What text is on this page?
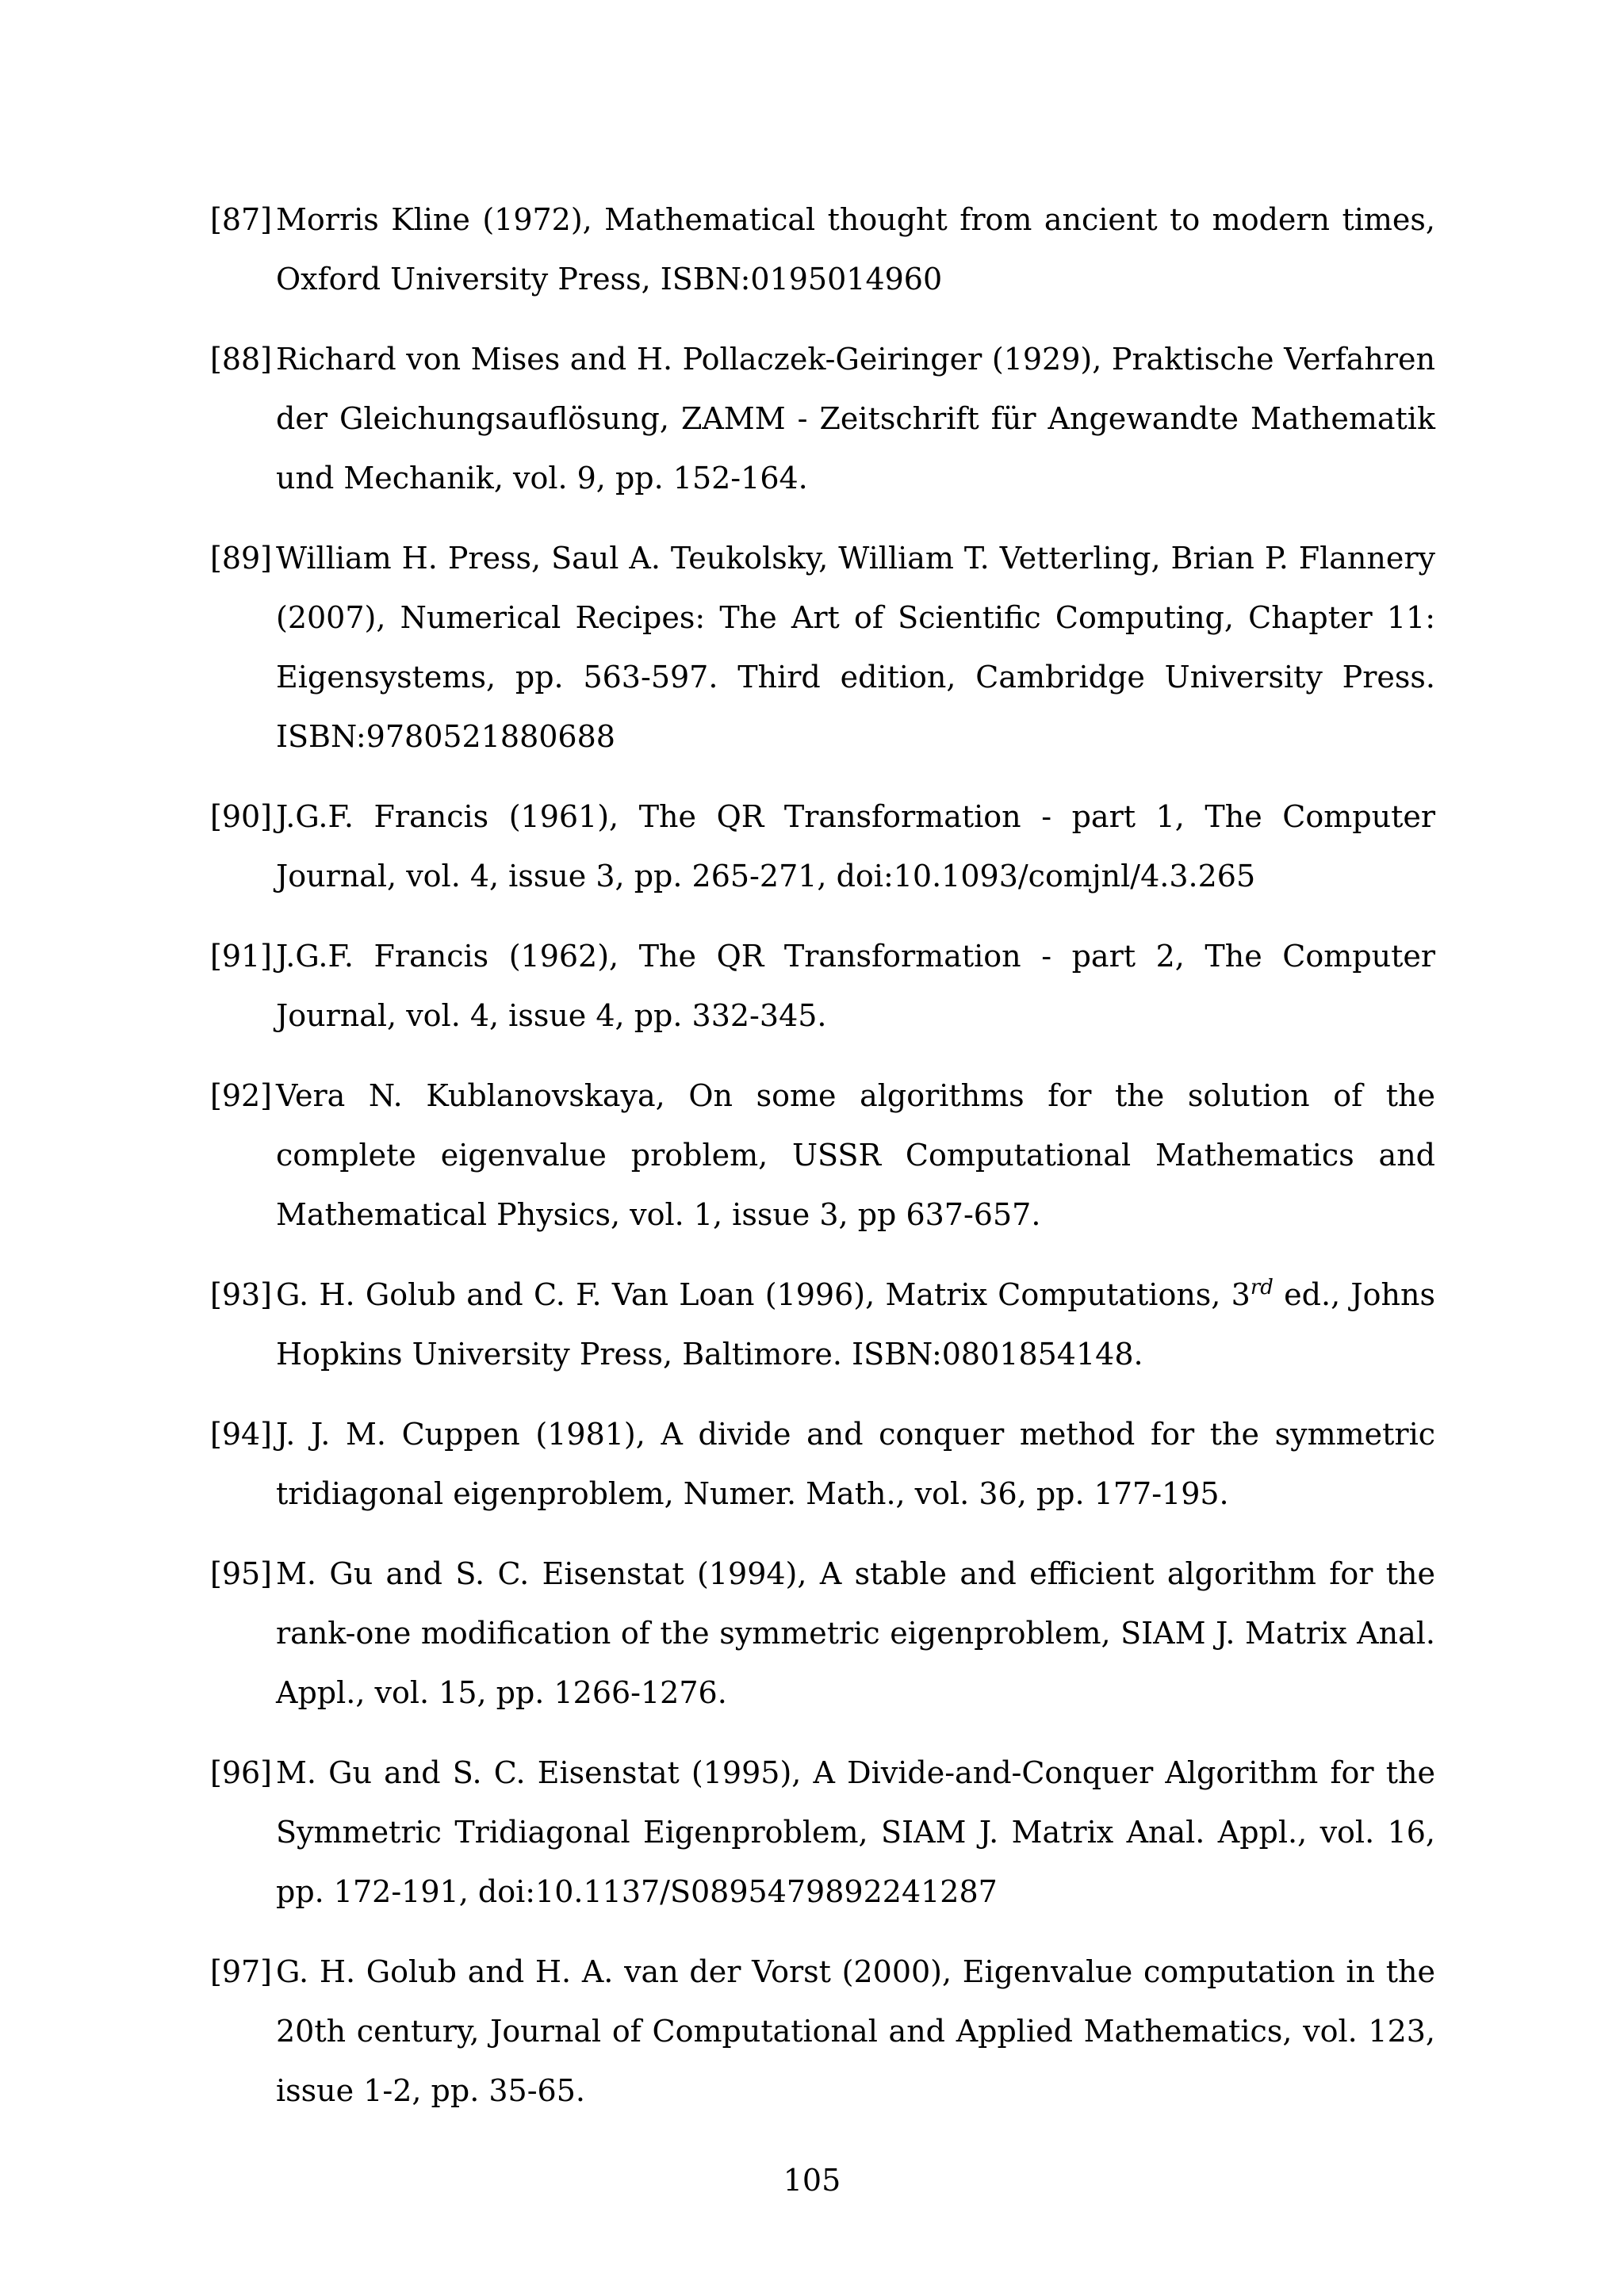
[87] Morris Kline (1972), Mathematical thought from ancient to modern times, Oxford University Press, ISBN:0195014960
[88] Richard von Mises and H. Pollaczek-Geiringer (1929), Praktische Verfahren der Gleichungsauflösung, ZAMM - Zeitschrift für Angewandte Mathematik und Mechanik, vol. 9, pp. 152-164.
[89] William H. Press, Saul A. Teukolsky, William T. Vetterling, Brian P. Flannery (2007), Numerical Recipes: The Art of Scientific Computing, Chapter 11: Eigensystems, pp. 563-597. Third edition, Cambridge University Press. ISBN:9780521880688
[90] J.G.F. Francis (1961), The QR Transformation - part 1, The Computer Journal, vol. 4, issue 3, pp. 265-271, doi:10.1093/comjnl/4.3.265
[91] J.G.F. Francis (1962), The QR Transformation - part 2, The Computer Journal, vol. 4, issue 4, pp. 332-345.
[92] Vera N. Kublanovskaya, On some algorithms for the solution of the complete eigenvalue problem, USSR Computational Mathematics and Mathematical Physics, vol. 1, issue 3, pp 637-657.
[93] G. H. Golub and C. F. Van Loan (1996), Matrix Computations, 3rd ed., Johns Hopkins University Press, Baltimore. ISBN:0801854148.
[94] J. J. M. Cuppen (1981), A divide and conquer method for the symmetric tridiagonal eigenproblem, Numer. Math., vol. 36, pp. 177-195.
[95] M. Gu and S. C. Eisenstat (1994), A stable and efficient algorithm for the rank-one modification of the symmetric eigenproblem, SIAM J. Matrix Anal. Appl., vol. 15, pp. 1266-1276.
[96] M. Gu and S. C. Eisenstat (1995), A Divide-and-Conquer Algorithm for the Symmetric Tridiagonal Eigenproblem, SIAM J. Matrix Anal. Appl., vol. 16, pp. 172-191, doi:10.1137/S0895479892241287
[97] G. H. Golub and H. A. van der Vorst (2000), Eigenvalue computation in the 20th century, Journal of Computational and Applied Mathematics, vol. 123, issue 1-2, pp. 35-65.
105
